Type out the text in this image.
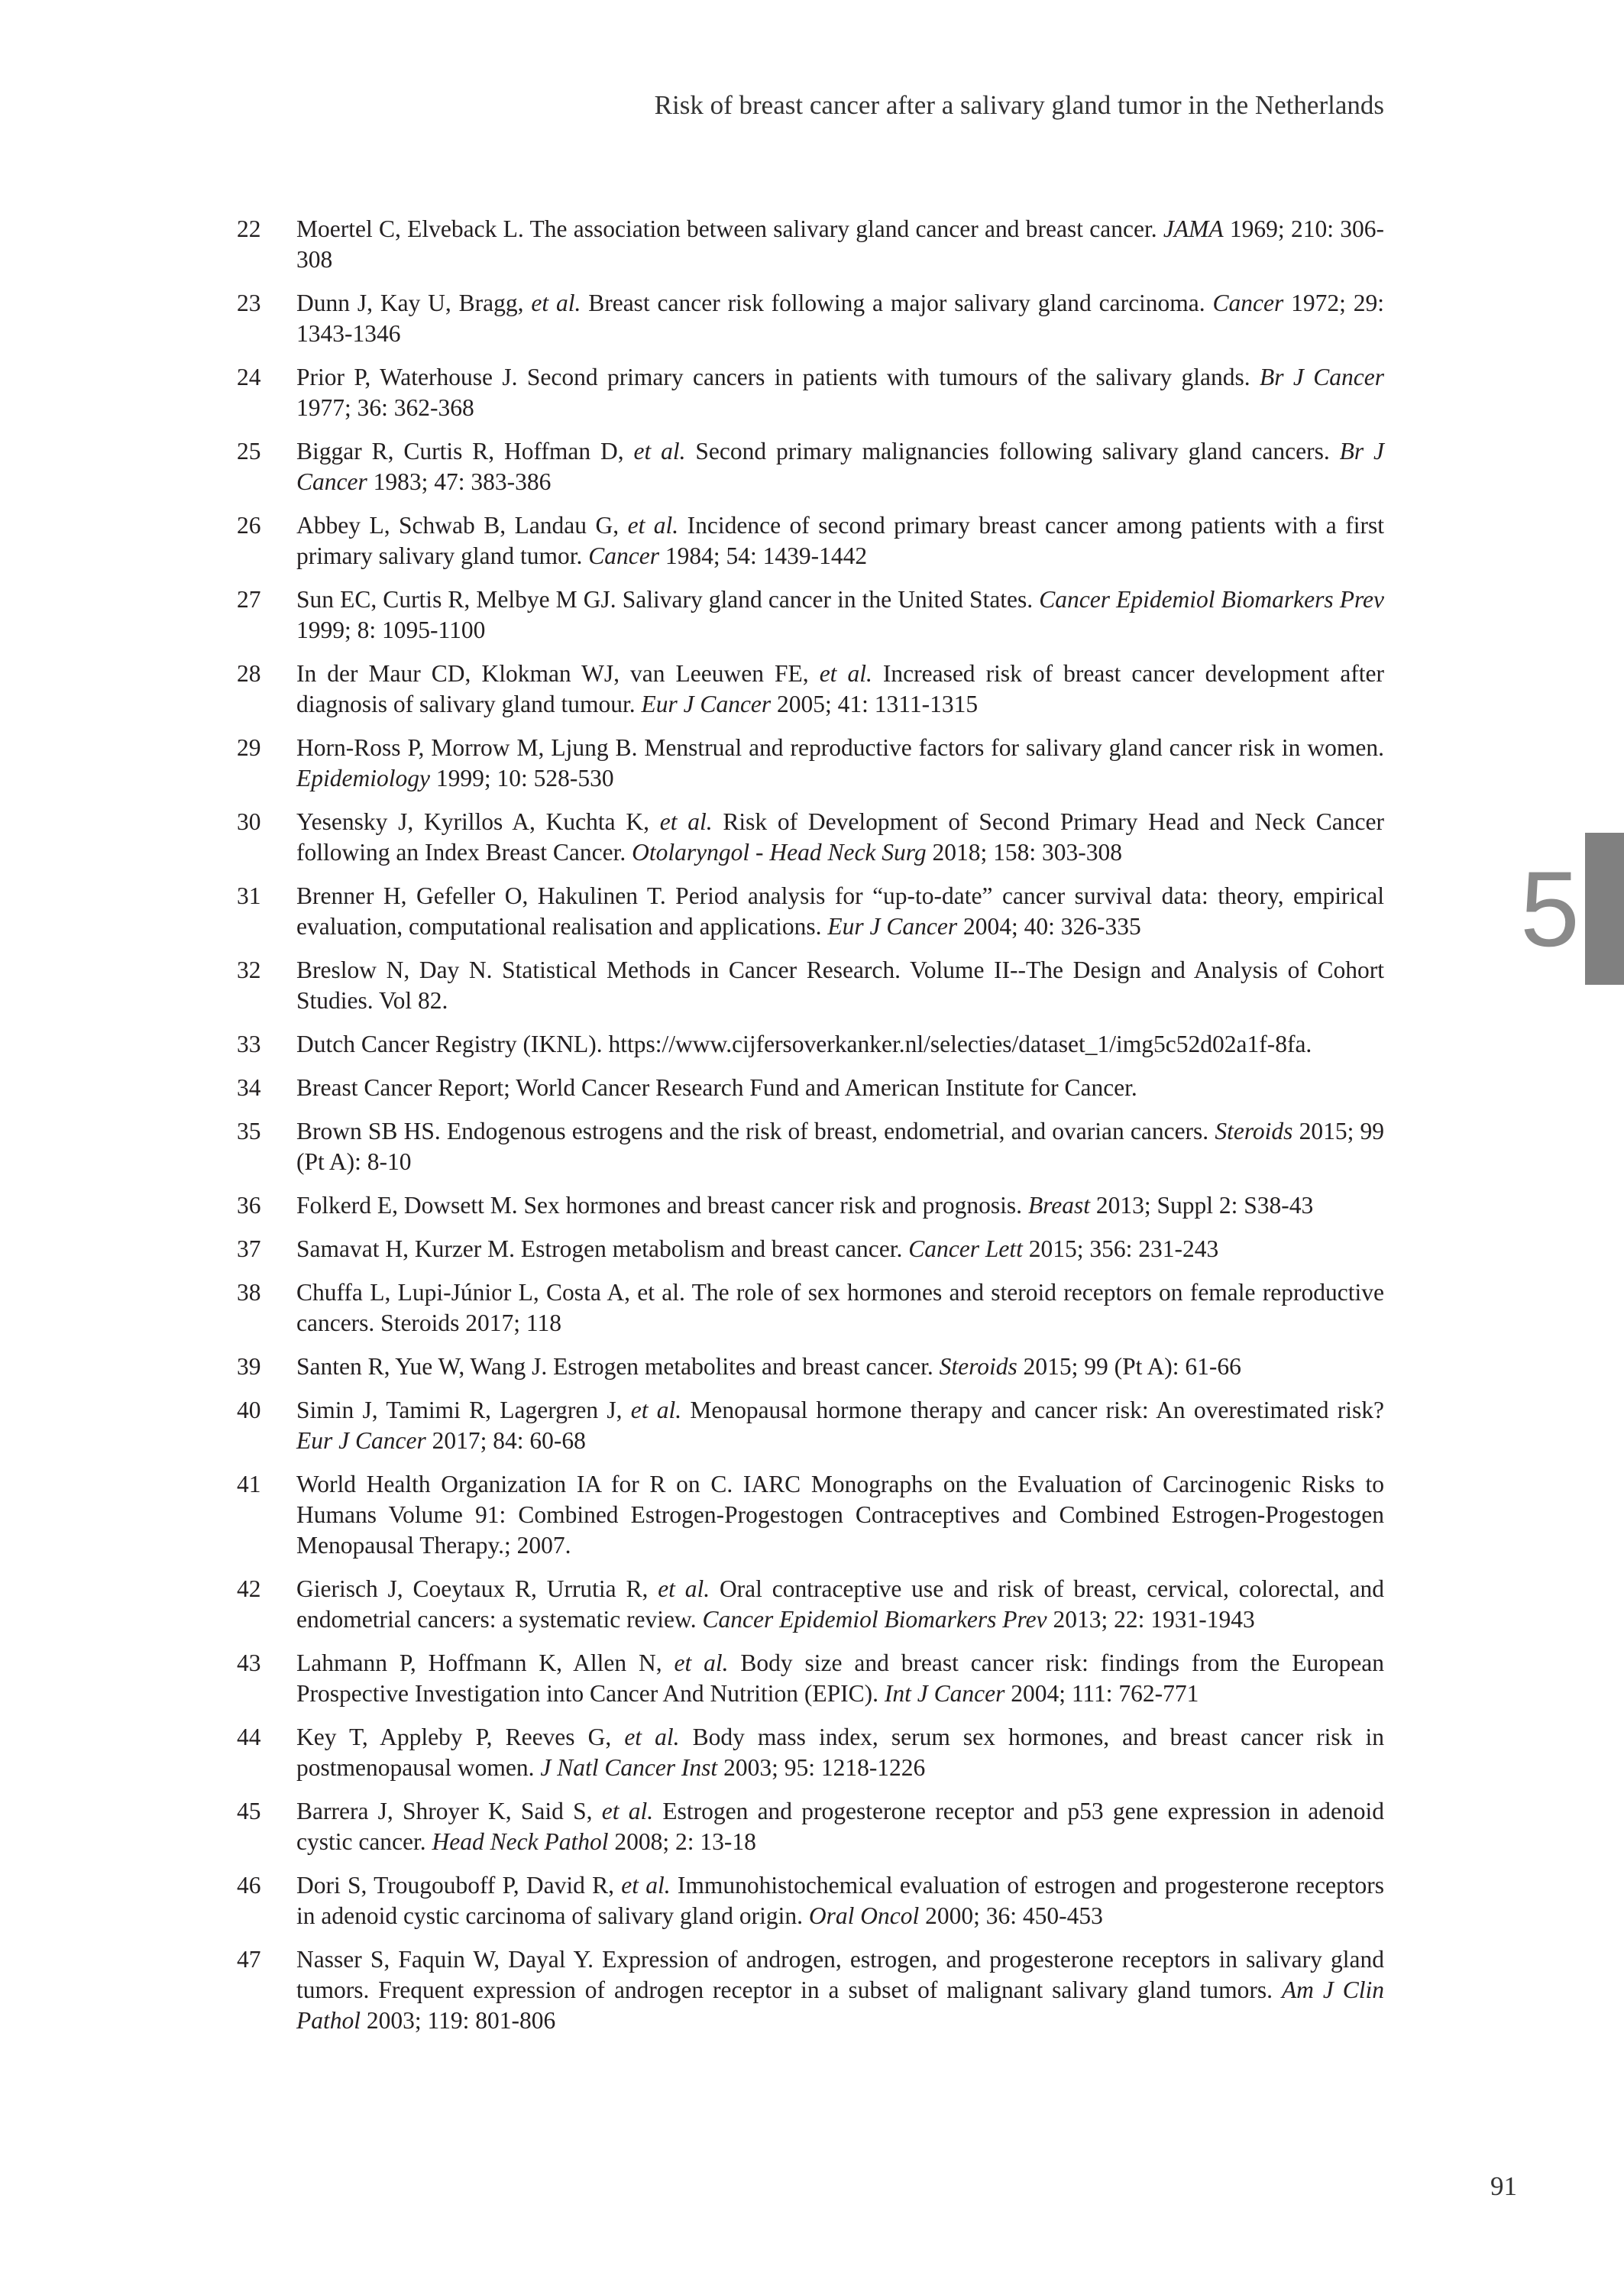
Risk of breast cancer after a salivary gland tumor in the Netherlands
22	Moertel C, Elveback L. The association between salivary gland cancer and breast cancer. JAMA 1969; 210: 306-308
23	Dunn J, Kay U, Bragg, et al. Breast cancer risk following a major salivary gland carcinoma. Cancer 1972; 29: 1343-1346
24	Prior P, Waterhouse J. Second primary cancers in patients with tumours of the salivary glands. Br J Cancer 1977; 36: 362-368
25	Biggar R, Curtis R, Hoffman D, et al. Second primary malignancies following salivary gland cancers. Br J Cancer 1983; 47: 383-386
26	Abbey L, Schwab B, Landau G, et al. Incidence of second primary breast cancer among patients with a first primary salivary gland tumor. Cancer 1984; 54: 1439-1442
27	Sun EC, Curtis R, Melbye M GJ. Salivary gland cancer in the United States. Cancer Epidemiol Biomarkers Prev 1999; 8: 1095-1100
28	In der Maur CD, Klokman WJ, van Leeuwen FE, et al. Increased risk of breast cancer development after diagnosis of salivary gland tumour. Eur J Cancer 2005; 41: 1311-1315
29	Horn-Ross P, Morrow M, Ljung B. Menstrual and reproductive factors for salivary gland cancer risk in women. Epidemiology 1999; 10: 528-530
30	Yesensky J, Kyrillos A, Kuchta K, et al. Risk of Development of Second Primary Head and Neck Cancer following an Index Breast Cancer. Otolaryngol - Head Neck Surg 2018; 158: 303-308
31	Brenner H, Gefeller O, Hakulinen T. Period analysis for “up-to-date” cancer survival data: theory, empirical evaluation, computational realisation and applications. Eur J Cancer 2004; 40: 326-335
32	Breslow N, Day N. Statistical Methods in Cancer Research. Volume II--The Design and Analysis of Cohort Studies. Vol 82.
33	Dutch Cancer Registry (IKNL). https://www.cijfersoverkanker.nl/selecties/dataset_1/img5c52d02a1f-8fa.
34	Breast Cancer Report; World Cancer Research Fund and American Institute for Cancer.
35	Brown SB HS. Endogenous estrogens and the risk of breast, endometrial, and ovarian cancers. Steroids 2015; 99 (Pt A): 8-10
36	Folkerd E, Dowsett M. Sex hormones and breast cancer risk and prognosis. Breast 2013; Suppl 2: S38-43
37	Samavat H, Kurzer M. Estrogen metabolism and breast cancer. Cancer Lett 2015; 356: 231-243
38	Chuffa L, Lupi-Júnior L, Costa A, et al. The role of sex hormones and steroid receptors on female reproductive cancers. Steroids 2017; 118
39	Santen R, Yue W, Wang J. Estrogen metabolites and breast cancer. Steroids 2015; 99 (Pt A): 61-66
40	Simin J, Tamimi R, Lagergren J, et al. Menopausal hormone therapy and cancer risk: An overestimated risk? Eur J Cancer 2017; 84: 60-68
41	World Health Organization IA for R on C. IARC Monographs on the Evaluation of Carcinogenic Risks to Humans Volume 91: Combined Estrogen-Progestogen Contraceptives and Combined Estrogen-Progestogen Menopausal Therapy.; 2007.
42	Gierisch J, Coeytaux R, Urrutia R, et al. Oral contraceptive use and risk of breast, cervical, colorectal, and endometrial cancers: a systematic review. Cancer Epidemiol Biomarkers Prev 2013; 22: 1931-1943
43	Lahmann P, Hoffmann K, Allen N, et al. Body size and breast cancer risk: findings from the European Prospective Investigation into Cancer And Nutrition (EPIC). Int J Cancer 2004; 111: 762-771
44	Key T, Appleby P, Reeves G, et al. Body mass index, serum sex hormones, and breast cancer risk in postmenopausal women. J Natl Cancer Inst 2003; 95: 1218-1226
45	Barrera J, Shroyer K, Said S, et al. Estrogen and progesterone receptor and p53 gene expression in adenoid cystic cancer. Head Neck Pathol 2008; 2: 13-18
46	Dori S, Trougouboff P, David R, et al. Immunohistochemical evaluation of estrogen and progesterone receptors in adenoid cystic carcinoma of salivary gland origin. Oral Oncol 2000; 36: 450-453
47	Nasser S, Faquin W, Dayal Y. Expression of androgen, estrogen, and progesterone receptors in salivary gland tumors. Frequent expression of androgen receptor in a subset of malignant salivary gland tumors. Am J Clin Pathol 2003; 119: 801-806
5
91
